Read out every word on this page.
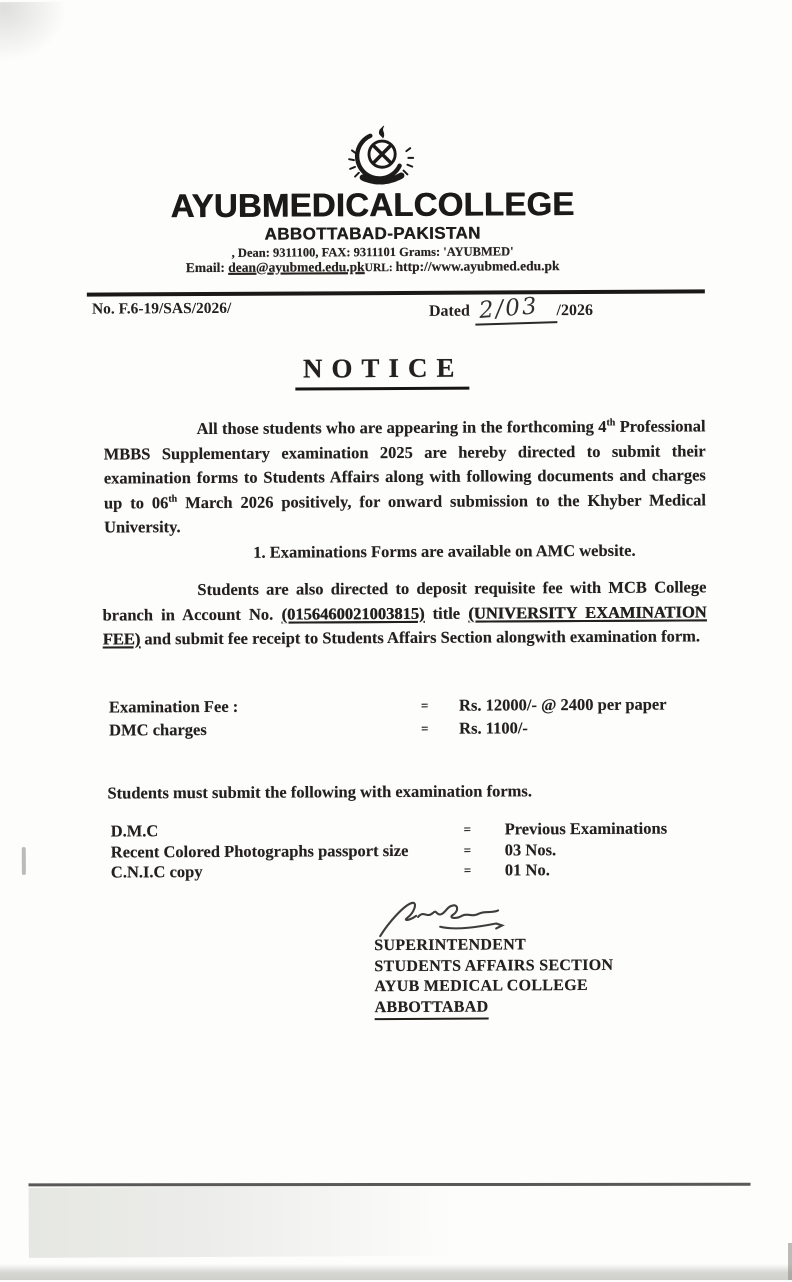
AYUBMEDICALCOLLEGE
ABBOTTABAD-PAKISTAN
, Dean: 9311100, FAX: 9311101 Grams: 'AYUBMED'
Email: dean@ayubmed.edu.pkURL: http://www.ayubmed.edu.pk
No. F.6-19/SAS/2026/	Dated 2/03	/2026
NOTICE
All those students who are appearing in the forthcoming 4th Professional MBBS Supplementary examination 2025 are hereby directed to submit their examination forms to Students Affairs along with following documents and charges up to 06th March 2026 positively, for onward submission to the Khyber Medical University.
1. Examinations Forms are available on AMC website.
Students are also directed to deposit requisite fee with MCB College branch in Account No. (0156460021003815) title (UNIVERSITY EXAMINATION FEE) and submit fee receipt to Students Affairs Section alongwith examination form.
Examination Fee :	=	Rs. 12000/- @ 2400 per paper
DMC charges	=	Rs. 1100/-
Students must submit the following with examination forms.
D.M.C	=	Previous Examinations
Recent Colored Photographs passport size	=	03 Nos.
C.N.I.C copy	=	01 No.
SUPERINTENDENT
STUDENTS AFFAIRS SECTION
AYUB MEDICAL COLLEGE
ABBOTTABAD
